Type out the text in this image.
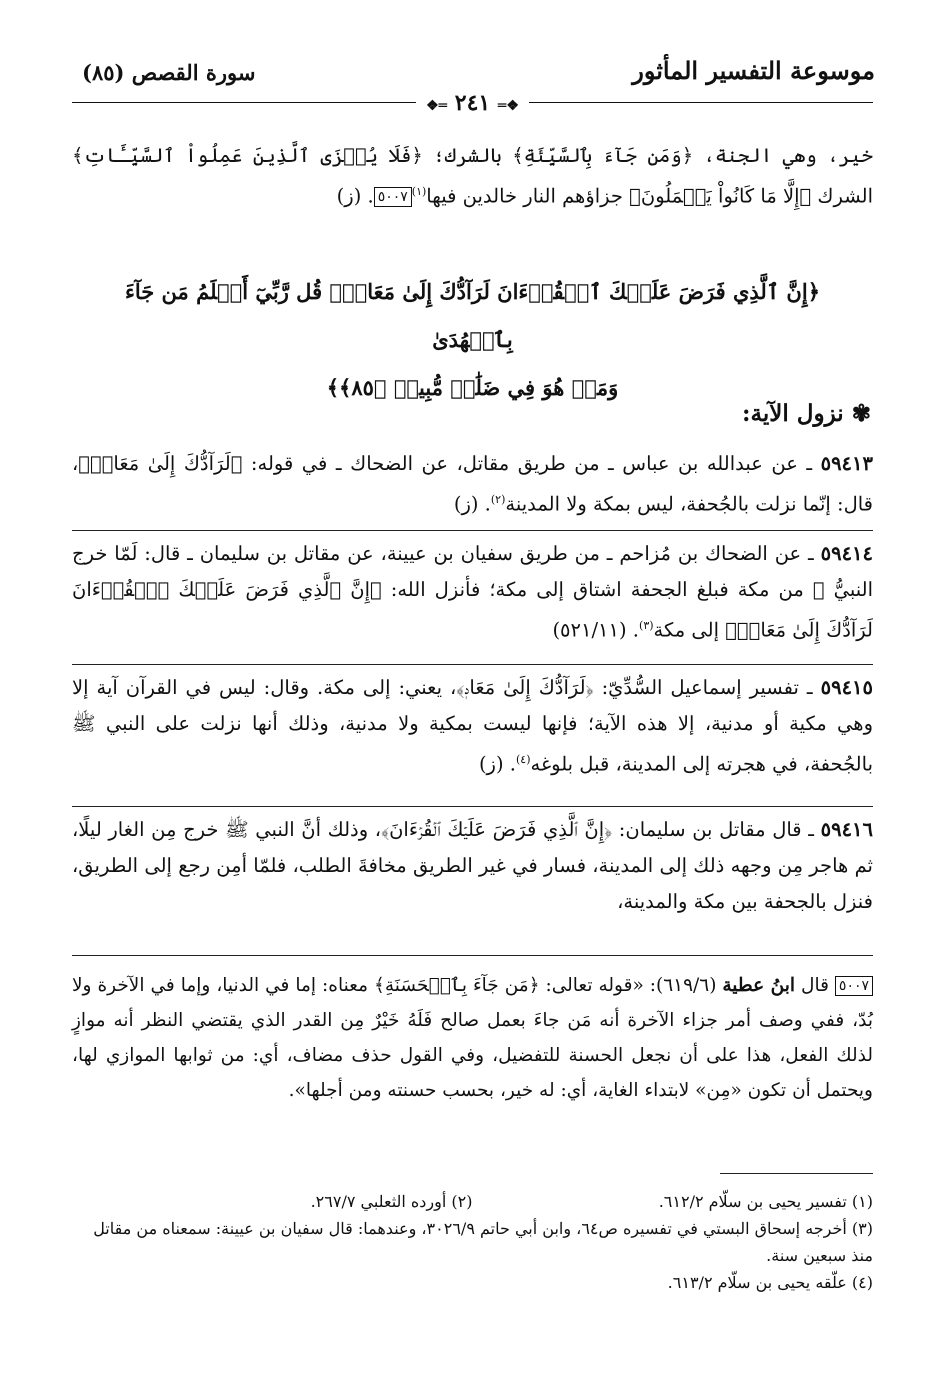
موسوعة التفسير المأثور
سورة القصص (٨٥)
❖═ ٢٤١ ═❖
خير، وهي الجنة، ﴿وَمَن جَآءَ بِٱلسَّيِّئَةِ﴾ بالشرك؛ ﴿فَلَا يُجۡزَى ٱلَّذِينَ عَمِلُواْ ٱلسَّيِّـَٔاتِ﴾
الشرك ﴿إِلَّا مَا كَانُواْ يَعۡمَلُونَ﴾ جزاؤهم النار خالدين فيها$^{(١)}$٥٠٠٧. (ز)
﴿إِنَّ ٱلَّذِي فَرَضَ عَلَيۡكَ ٱلۡقُرۡءَانَ لَرَآدُّكَ إِلَىٰ مَعَادٖۚ قُل رَّبِّيٓ أَعۡلَمُ مَن جَآءَ بِٱلۡهُدَىٰ
وَمَنۡ هُوَ فِي ضَلَٰلٖ مُّبِينٖ ﴿٨٥﴾﴾
✾ نزول الآية:
٥٩٤١٣ ـ عن عبدالله بن عباس ـ من طريق مقاتل، عن الضحاك ـ في قوله: ﴿لَرَآدُّكَ إِلَىٰ مَعَادٖ﴾، قال: إنّما نزلت بالجُحفة، ليس بمكة ولا المدينة$^{(٢)}$. (ز)
٥٩٤١٤ ـ عن الضحاك بن مُزاحم ـ من طريق سفيان بن عيينة، عن مقاتل بن سليمان ـ قال: لَمّا خرج النبيُّ ﷺ من مكة فبلغ الجحفة اشتاق إلى مكة؛ فأنزل الله: ﴿إِنَّ ٱلَّذِي فَرَضَ عَلَيۡكَ ٱلۡقُرۡءَانَ لَرَآدُّكَ إِلَىٰ مَعَادٖ﴾ إلى مكة$^{(٣)}$. (٥٢١/١١)
٥٩٤١٥ ـ تفسير إسماعيل السُّدِّيّ: ﴿لَرَآدُّكَ إِلَىٰ مَعَادٖ﴾، يعني: إلى مكة. وقال: ليس في القرآن آية إلا وهي مكية أو مدنية، إلا هذه الآية؛ فإنها ليست بمكية ولا مدنية، وذلك أنها نزلت على النبي ﷺ بالجُحفة، في هجرته إلى المدينة، قبل بلوغه$^{(٤)}$. (ز)
٥٩٤١٦ ـ قال مقاتل بن سليمان: ﴿إِنَّ ٱلَّذِي فَرَضَ عَلَيۡكَ ٱلۡقُرۡءَانَ﴾، وذلك أنَّ النبي ﷺ خرج مِن الغار ليلًا، ثم هاجر مِن وجهه ذلك إلى المدينة، فسار في غير الطريق مخافةَ الطلب، فلمّا أمِن رجع إلى الطريق، فنزل بالجحفة بين مكة والمدينة،
٥٠٠٧ قال ابنُ عطية (٦١٩/٦): «قوله تعالى: ﴿مَن جَآءَ بِٱلۡحَسَنَةِ﴾ معناه: إما في الدنيا، وإما في الآخرة ولا بُدّ، ففي وصف أمر جزاء الآخرة أنه مَن جاءَ بعمل صالح فَلَهُ خَيْرٌ مِن القدر الذي يقتضي النظر أنه موازٍ لذلك الفعل، هذا على أن نجعل الحسنة للتفضيل، وفي القول حذف مضاف، أي: من ثوابها الموازي لها، ويحتمل أن تكون «مِن» لابتداء الغاية، أي: له خير، بحسب حسنته ومن أجلها».
(١) تفسير يحيى بن سلّام ٦١٢/٢.
(٢) أورده الثعلبي ٢٦٧/٧.
(٣) أخرجه إسحاق البستي في تفسيره ص٦٤، وابن أبي حاتم ٣٠٢٦/٩، وعندهما: قال سفيان بن عيينة: سمعناه من مقاتل منذ سبعين سنة.
(٤) علّقه يحيى بن سلّام ٦١٣/٢.
